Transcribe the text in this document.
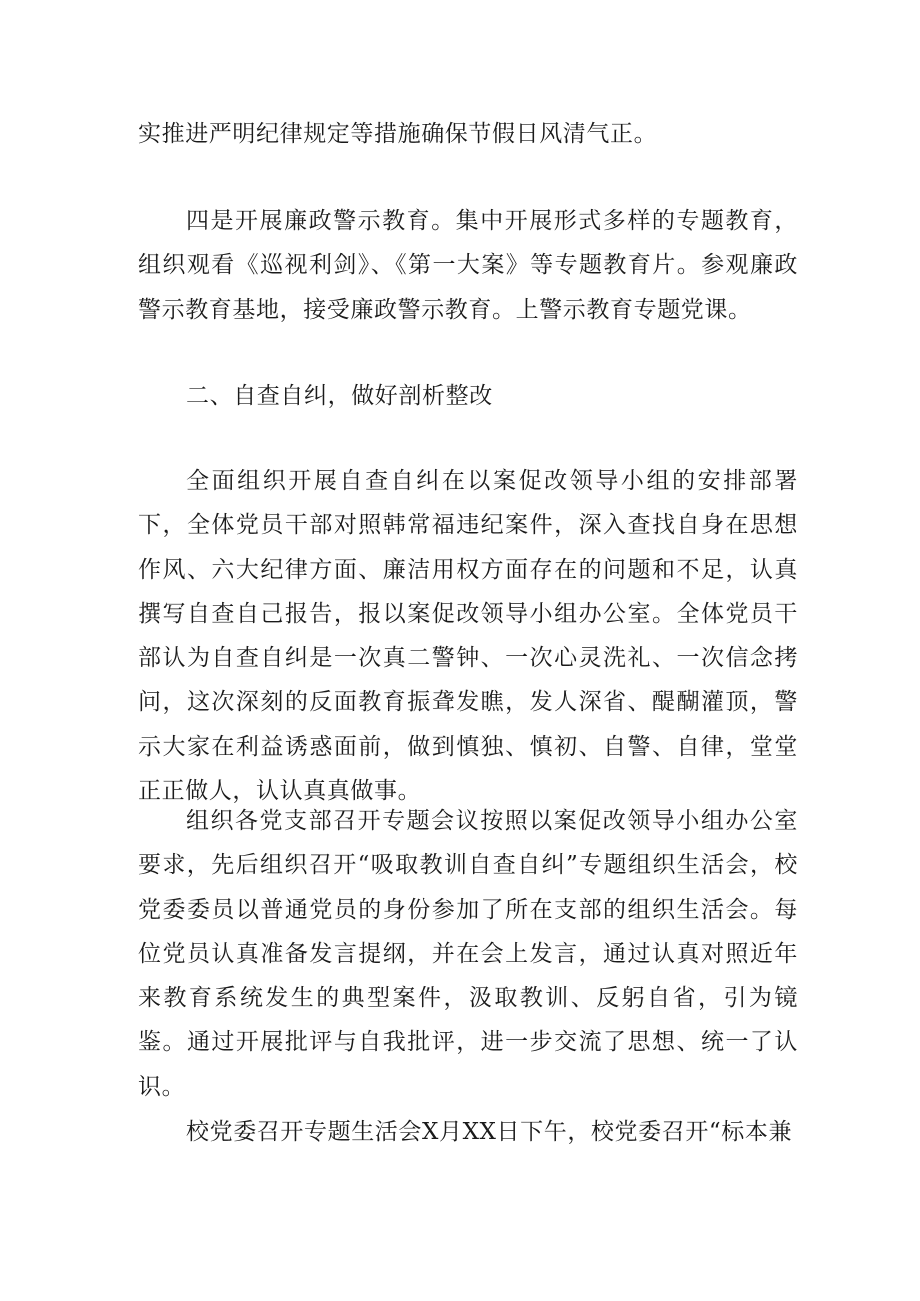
实推进严明纪律规定等措施确保节假日风清气正。

四是开展廉政警示教育。集中开展形式多样的专题教育，组织观看《巡视利剑》、《第一大案》等专题教育片。参观廉政警示教育基地，接受廉政警示教育。上警示教育专题党课。

二、自查自纠，做好剖析整改

全面组织开展自查自纠在以案促改领导小组的安排部署下，全体党员干部对照韩常福违纪案件，深入查找自身在思想作风、六大纪律方面、廉洁用权方面存在的问题和不足，认真撰写自查自己报告，报以案促改领导小组办公室。全体党员干部认为自查自纠是一次真二警钟、一次心灵洗礼、一次信念拷问，这次深刻的反面教育振聋发瞧，发人深省、醍醐灌顶，警示大家在利益诱惑面前，做到慎独、慎初、自警、自律，堂堂正正做人，认认真真做事。

组织各党支部召开专题会议按照以案促改领导小组办公室要求，先后组织召开“吸取教训自查自纠”专题组织生活会，校党委委员以普通党员的身份参加了所在支部的组织生活会。每位党员认真准备发言提纲，并在会上发言，通过认真对照近年来教育系统发生的典型案件，汲取教训、反躬自省，引为镜鉴。通过开展批评与自我批评，进一步交流了思想、统一了认识。

校党委召开专题生活会X月XX日下午，校党委召开“标本兼
